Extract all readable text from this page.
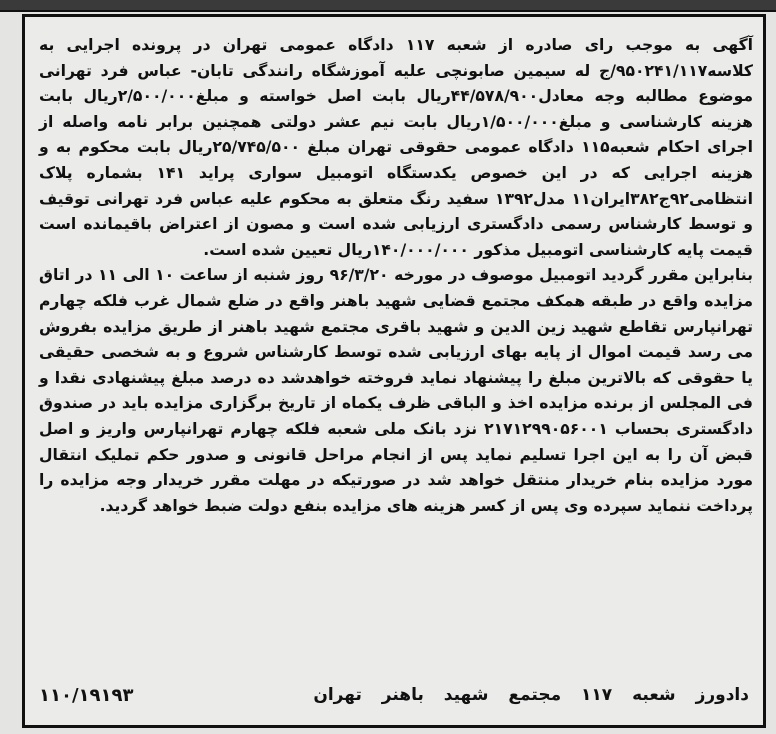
آگهی به موجب رای صادره از شعبه ۱۱۷ دادگاه عمومی تهران در پرونده اجرایی به کلاسه۹۵۰۲۴۱/۱۱۷/ج له سیمین صابونچی علیه آموزشگاه رانندگی تابان- عباس فرد تهرانی موضوع مطالبه وجه معادل۴۴/۵۷۸/۹۰۰ریال بابت اصل خواسته و مبلغ۲/۵۰۰/۰۰۰ریال بابت هزینه کارشناسی و مبلغ۱/۵۰۰/۰۰۰ریال بابت نیم عشر دولتی همچنین برابر نامه واصله از اجرای احکام شعبه۱۱۵ دادگاه عمومی حقوقی تهران مبلغ ۲۵/۷۴۵/۵۰۰ریال بابت محکوم به و هزینه اجرایی که در این خصوص یکدستگاه اتومبیل سواری پراید ۱۴۱ بشماره پلاک انتظامی۹۲ج۳۸۲ایران۱۱ مدل۱۳۹۲ سفید رنگ متعلق به محکوم علیه عباس فرد تهرانی توقیف و توسط کارشناس رسمی دادگستری ارزیابی شده است و مصون از اعتراض باقیمانده است قیمت پایه کارشناسی اتومبیل مذکور ۱۴۰/۰۰۰/۰۰۰ریال تعیین شده است.

بنابراین مقرر گردید اتومبیل موصوف در مورخه ۹۶/۳/۲۰ روز شنبه از ساعت ۱۰ الی ۱۱ در اتاق مزایده واقع در طبقه همکف مجتمع قضایی شهید باهنر واقع در ضلع شمال غرب فلکه چهارم تهرانپارس تقاطع شهید زین الدین و شهید باقری مجتمع شهید باهنر از طریق مزایده بفروش می رسد قیمت اموال از پایه بهای ارزیابی شده توسط کارشناس شروع و به شخصی حقیقی یا حقوقی که بالاترین مبلغ را پیشنهاد نماید فروخته خواهدشد ده درصد مبلغ پیشنهادی نقدا و فی المجلس از برنده مزایده اخذ و الباقی ظرف یکماه از تاریخ برگزاری مزایده باید در صندوق دادگستری بحساب ۲۱۷۱۲۹۹۰۵۶۰۰۱ نزد بانک ملی شعبه فلکه چهارم تهرانپارس واریز و اصل قبض آن را به این اجرا تسلیم نماید پس از انجام مراحل قانونی و صدور حکم تملیک انتقال مورد مزایده بنام خریدار منتقل خواهد شد در صورتیکه در مهلت مقرر خریدار وجه مزایده را پرداخت ننماید سپرده وی پس از کسر هزینه های مزایده بنفع دولت ضبط خواهد گردید.

دادورز شعبه ۱۱۷ مجتمع شهید باهنر تهران
۱۱۰/۱۹۱۹۳
